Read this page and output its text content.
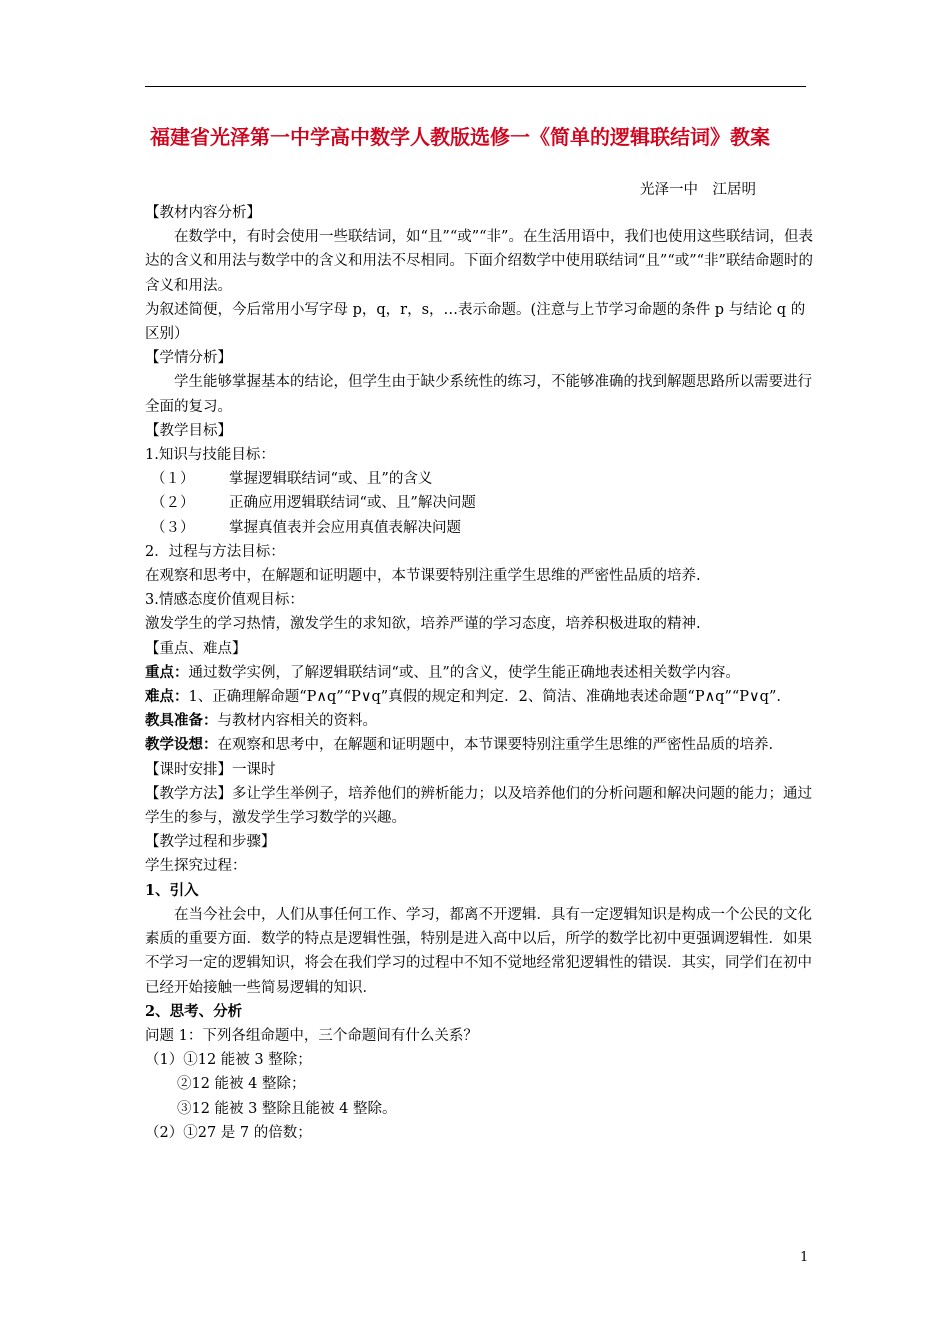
福建省光泽第一中学高中数学人教版选修一《简单的逻辑联结词》教案
光泽一中　江居明

【教材内容分析】

在数学中，有时会使用一些联结词，如“且”“或”“非”。在生活用语中，我们也使用这些联结词，但表达的含义和用法与数学中的含义和用法不尽相同。下面介绍数学中使用联结词“且”“或”“非”联结命题时的含义和用法。

为叙述简便，今后常用小写字母 p，q，r，s，…表示命题。(注意与上节学习命题的条件 p 与结论 q 的区别）

【学情分析】

学生能够掌握基本的结论，但学生由于缺少系统性的练习，不能够准确的找到解题思路所以需要进行全面的复习。

【教学目标】

1.知识与技能目标：

（１）	掌握逻辑联结词“或、且”的含义
（２）	正确应用逻辑联结词“或、且”解决问题
（３）	掌握真值表并会应用真值表解决问题

2．过程与方法目标：

在观察和思考中，在解题和证明题中，本节课要特别注重学生思维的严密性品质的培养.

3.情感态度价值观目标：

激发学生的学习热情，激发学生的求知欲，培养严谨的学习态度，培养积极进取的精神.

【重点、难点】

重点：通过数学实例，了解逻辑联结词“或、且”的含义，使学生能正确地表述相关数学内容。

难点：1、正确理解命题“P∧q”“P∨q”真假的规定和判定．2、简洁、准确地表述命题“P∧q”“P∨q”.

教具准备：与教材内容相关的资料。

教学设想：在观察和思考中，在解题和证明题中，本节课要特别注重学生思维的严密性品质的培养.

【课时安排】一课时

【教学方法】多让学生举例子，培养他们的辨析能力；以及培养他们的分析问题和解决问题的能力；通过学生的参与，激发学生学习数学的兴趣。

【教学过程和步骤】

学生探究过程：

1、引入

在当今社会中，人们从事任何工作、学习，都离不开逻辑．具有一定逻辑知识是构成一个公民的文化素质的重要方面．数学的特点是逻辑性强，特别是进入高中以后，所学的数学比初中更强调逻辑性．如果不学习一定的逻辑知识，将会在我们学习的过程中不知不觉地经常犯逻辑性的错误．其实，同学们在初中已经开始接触一些简易逻辑的知识．

2、思考、分析

问题 1：下列各组命题中，三个命题间有什么关系？

（1）①12 能被 3 整除；

②12 能被 4 整除；

③12 能被 3 整除且能被 4 整除。

（2）①27 是 7 的倍数；

1
